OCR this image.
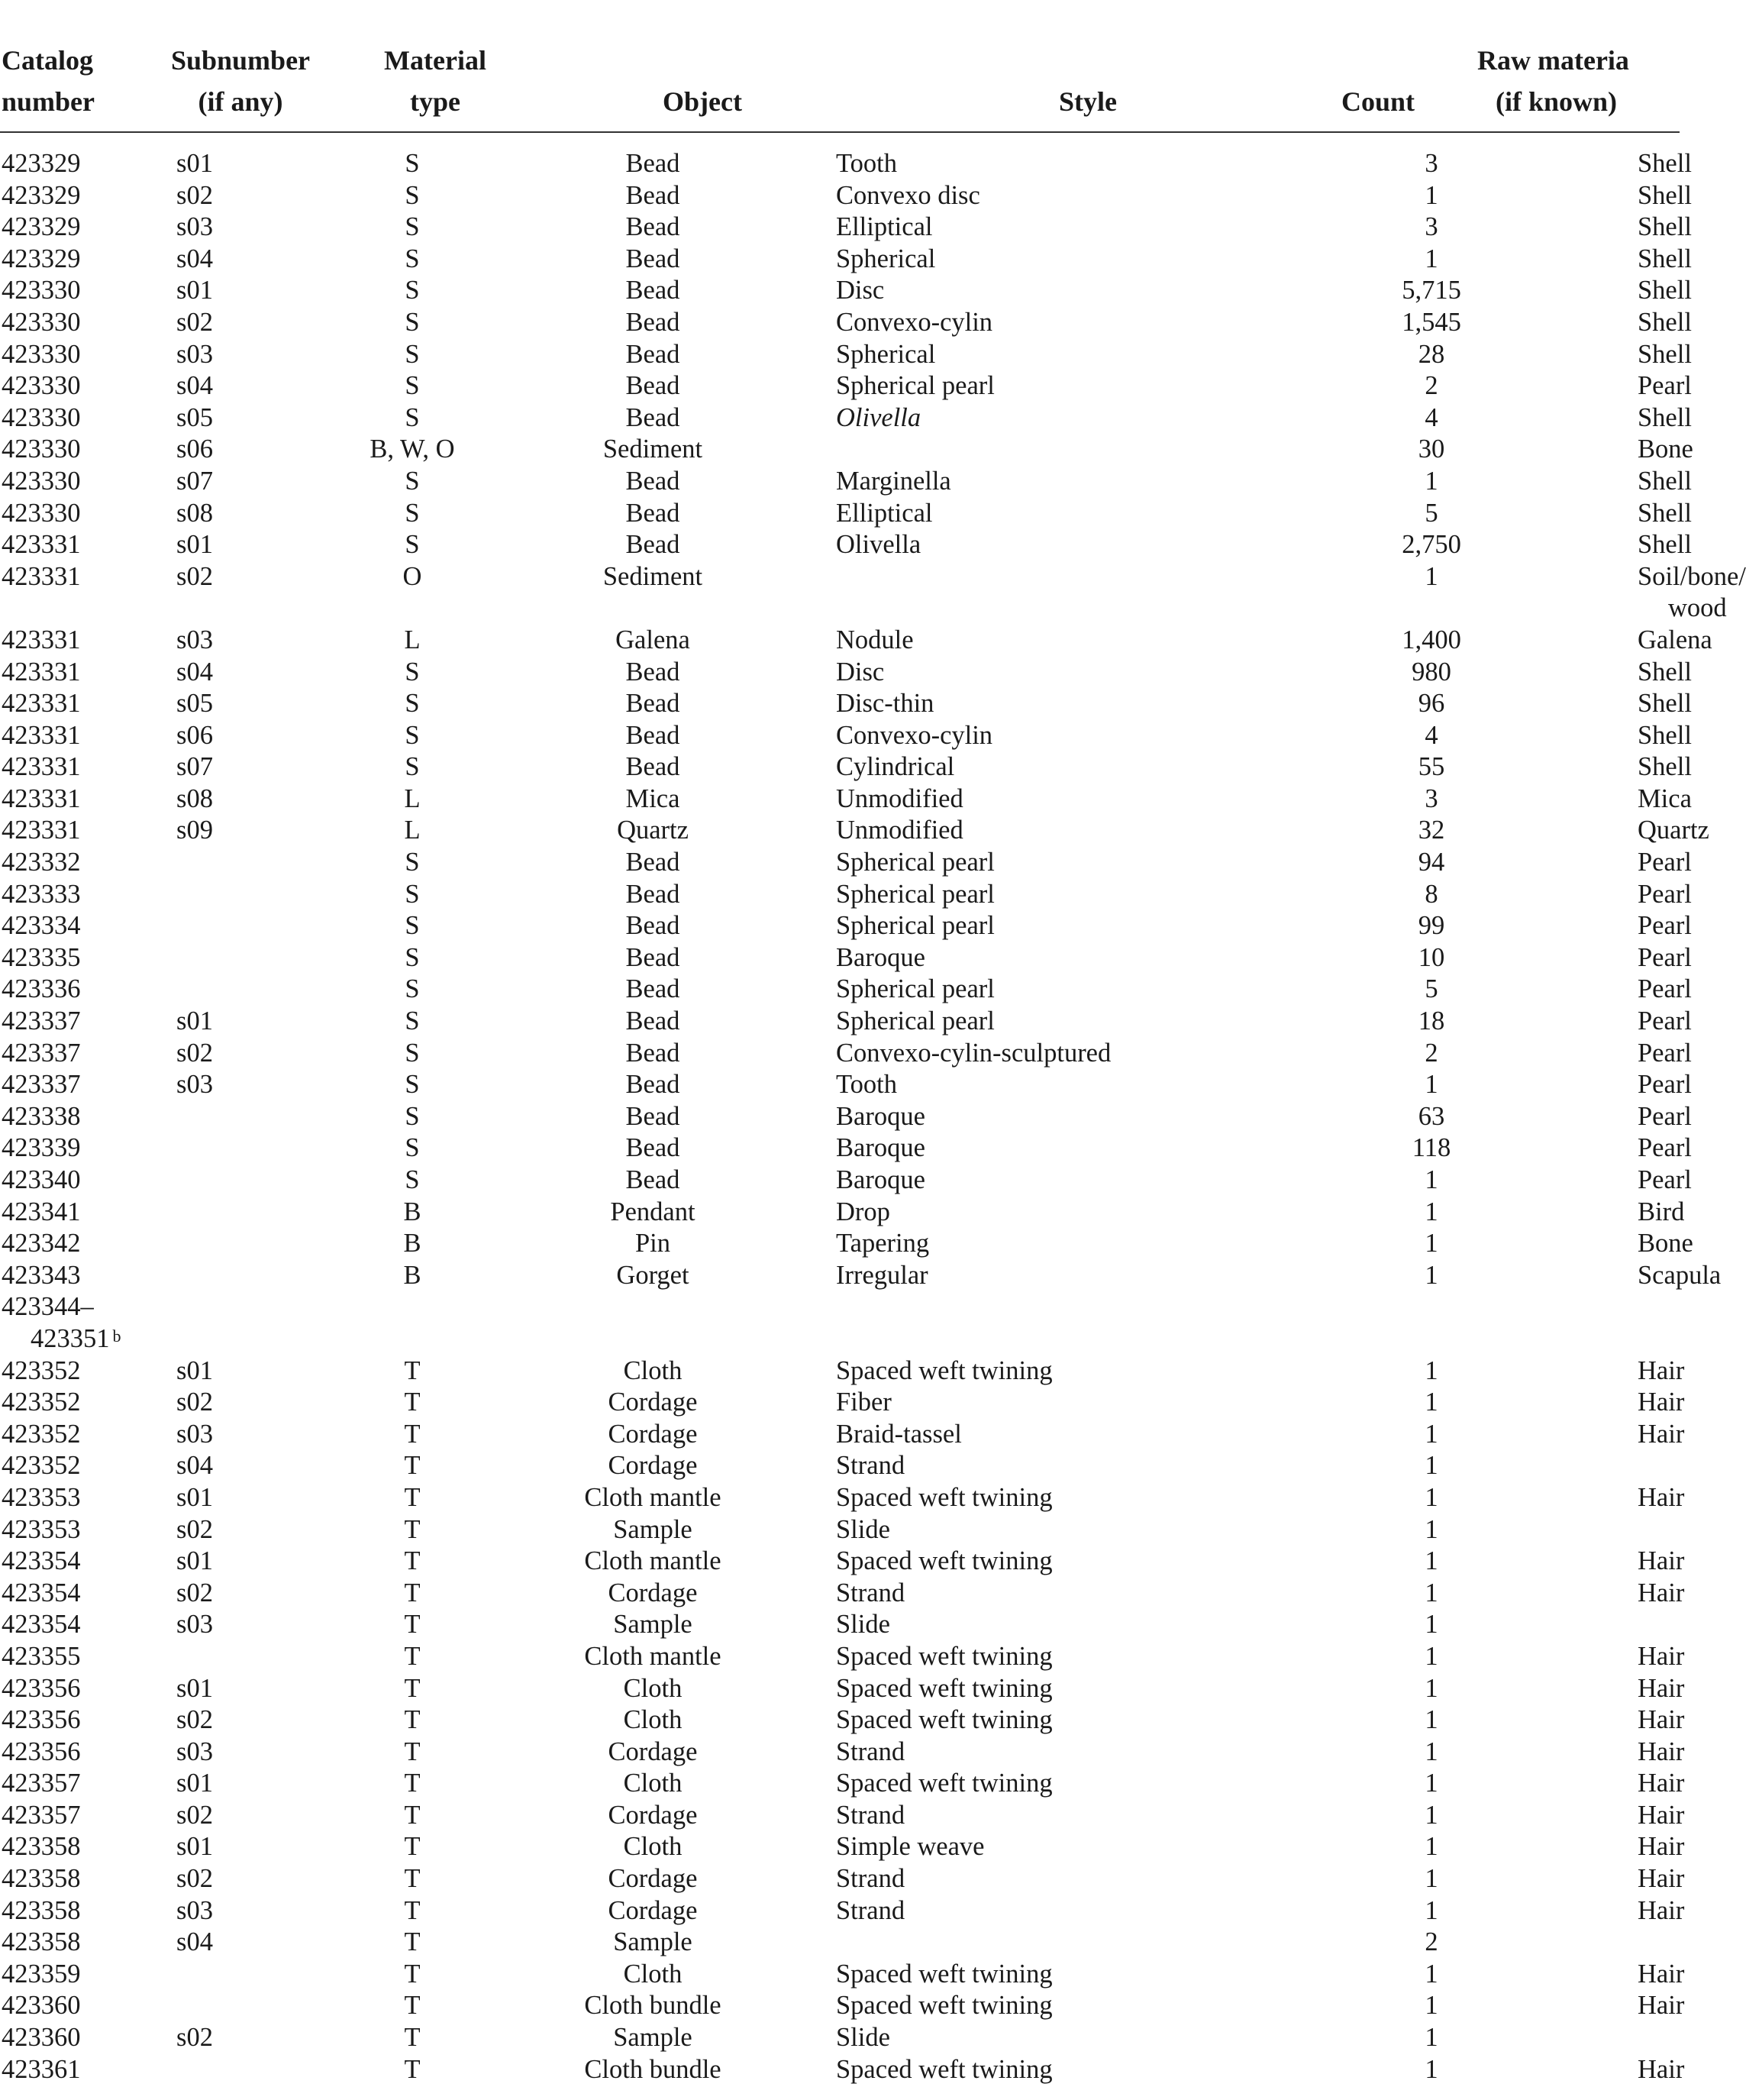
Catalog
number	Subnumber
(if any)	Material
type	Object	Style	Count	Raw materia
(if known)

423329	s01	S	Bead	Tooth	3	Shell
423329	s02	S	Bead	Convexo disc	1	Shell
423329	s03	S	Bead	Elliptical	3	Shell
423329	s04	S	Bead	Spherical	1	Shell
423330	s01	S	Bead	Disc	5,715	Shell
423330	s02	S	Bead	Convexo-cylin	1,545	Shell
423330	s03	S	Bead	Spherical	28	Shell
423330	s04	S	Bead	Spherical pearl	2	Pearl
423330	s05	S	Bead	Olivella	4	Shell
423330	s06	B, W, O	Sediment		30	Bone
423330	s07	S	Bead	Marginella	1	Shell
423330	s08	S	Bead	Elliptical	5	Shell
423331	s01	S	Bead	Olivella	2,750	Shell
423331	s02	O	Sediment		1	Soil/bone/
wood

423331	s03	L	Galena	Nodule	1,400	Galena
423331	s04	S	Bead	Disc	980	Shell
423331	s05	S	Bead	Disc-thin	96	Shell
423331	s06	S	Bead	Convexo-cylin	4	Shell
423331	s07	S	Bead	Cylindrical	55	Shell
423331	s08	L	Mica	Unmodified	3	Mica
423331	s09	L	Quartz	Unmodified	32	Quartz
423332		S	Bead	Spherical pearl	94	Pearl
423333		S	Bead	Spherical pearl	8	Pearl
423334		S	Bead	Spherical pearl	99	Pearl
423335		S	Bead	Baroque	10	Pearl
423336		S	Bead	Spherical pearl	5	Pearl
423337	s01	S	Bead	Spherical pearl	18	Pearl
423337	s02	S	Bead	Convexo-cylin-sculptured	2	Pearl
423337	s03	S	Bead	Tooth	1	Pearl
423338		S	Bead	Baroque	63	Pearl
423339		S	Bead	Baroque	118	Pearl
423340		S	Bead	Baroque	1	Pearl
423341		B	Pendant	Drop	1	Bird
423342		B	Pin	Tapering	1	Bone
423343		B	Gorget	Irregular	1	Scapula
423344–
423351 $^b$

423352	s01	T	Cloth	Spaced weft twining	1	Hair
423352	s02	T	Cordage	Fiber	1	Hair
423352	s03	T	Cordage	Braid-tassel	1	Hair
423352	s04	T	Cordage	Strand	1	
423353	s01	T	Cloth mantle	Spaced weft twining	1	Hair
423353	s02	T	Sample	Slide	1	
423354	s01	T	Cloth mantle	Spaced weft twining	1	Hair
423354	s02	T	Cordage	Strand	1	Hair
423354	s03	T	Sample	Slide	1	
423355		T	Cloth mantle	Spaced weft twining	1	Hair
423356	s01	T	Cloth	Spaced weft twining	1	Hair
423356	s02	T	Cloth	Spaced weft twining	1	Hair
423356	s03	T	Cordage	Strand	1	Hair
423357	s01	T	Cloth	Spaced weft twining	1	Hair
423357	s02	T	Cordage	Strand	1	Hair
423358	s01	T	Cloth	Simple weave	1	Hair
423358	s02	T	Cordage	Strand	1	Hair
423358	s03	T	Cordage	Strand	1	Hair
423358	s04	T	Sample		2	
423359		T	Cloth	Spaced weft twining	1	Hair
423360		T	Cloth bundle	Spaced weft twining	1	Hair
423360	s02	T	Sample	Slide	1	
423361		T	Cloth bundle	Spaced weft twining	1	Hair
